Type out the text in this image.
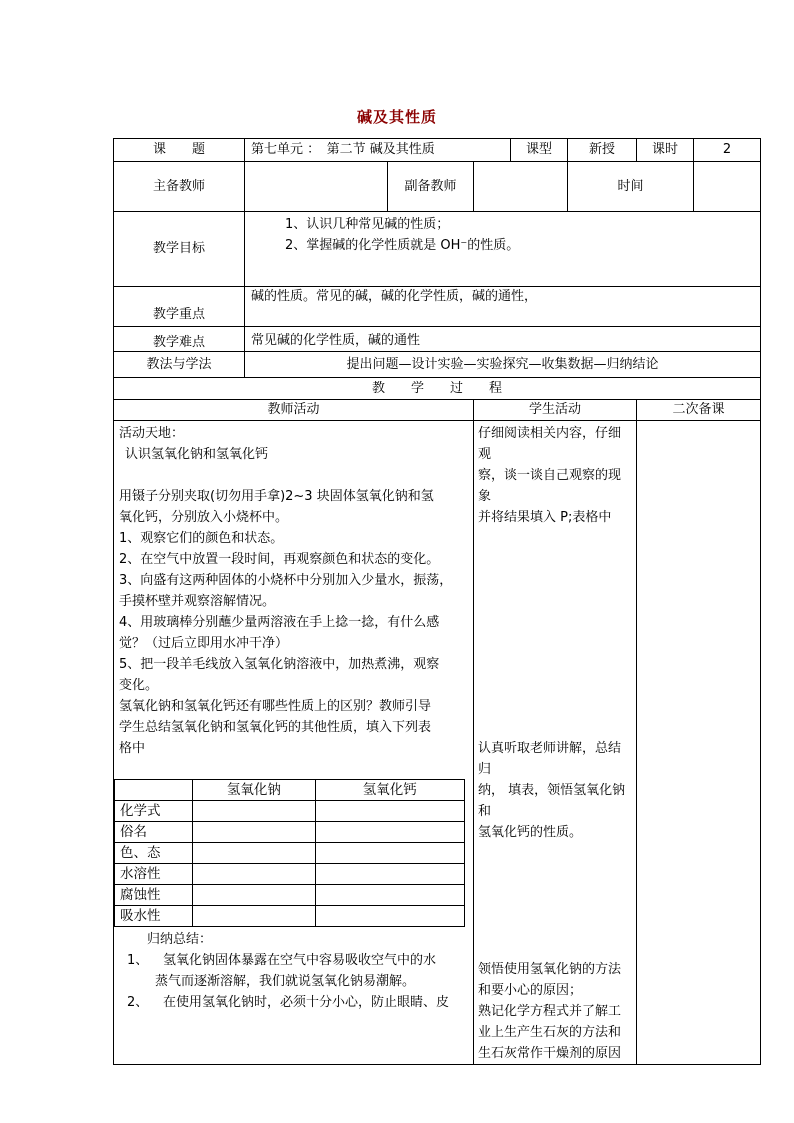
碱及其性质
课　　题	第七单元 ：　第二节 碱及其性质	课型	新授	课时	2
主备教师		副备教师		时间	
教学目标	
1、认识几种常见碱的性质；
2、掌握碱的化学性质就是 OH⁻的性质。

教学重点	碱的性质。常见的碱，碱的化学性质，碱的通性，
教学难点	常见碱的化学性质，碱的通性
教法与学法	提出问题—设计实验—实验探究—收集数据—归纳结论
教　　学　　过　　程
教师活动	学生活动	二次备课

活动天地：
认识氢氧化钠和氢氧化钙
用镊子分别夹取(切勿用手拿)2~3 块固体氢氧化钠和氢
氧化钙，分别放入小烧杯中。
1、观察它们的颜色和状态。
2、在空气中放置一段时间，再观察颜色和状态的变化。
3、向盛有这两种固体的小烧杯中分别加入少量水，振荡，
手摸杯壁并观察溶解情况。
4、用玻璃棒分别蘸少量两溶液在手上捻一捻，有什么感
觉？（过后立即用水冲干净）
5、把一段羊毛线放入氢氧化钠溶液中，加热煮沸，观察
变化。
氢氧化钠和氢氧化钙还有哪些性质上的区别？教师引导
学生总结氢氧化钠和氢氧化钙的其他性质，填入下列表
格中
	氢氧化钠	氢氧化钙
化学式		
俗名		
色、态		
水溶性		
腐蚀性		
吸水性		
归纳总结：
1、	氢氧化钠固体暴露在空气中容易吸收空气中的水
蒸气而逐渐溶解，我们就说氢氧化钠易潮解。
2、	在使用氢氧化钠时，必须十分小心，防止眼睛、皮

仔细阅读相关内容，仔细观
察，谈一谈自己观察的现象
并将结果填入 P;表格中
认真听取老师讲解，总结归
纳， 填表，领悟氢氧化钠和
氢氧化钙的性质。
领悟使用氢氧化钠的方法
和要小心的原因；
熟记化学方程式并了解工
业上生产生石灰的方法和
生石灰常作干燥剂的原因
